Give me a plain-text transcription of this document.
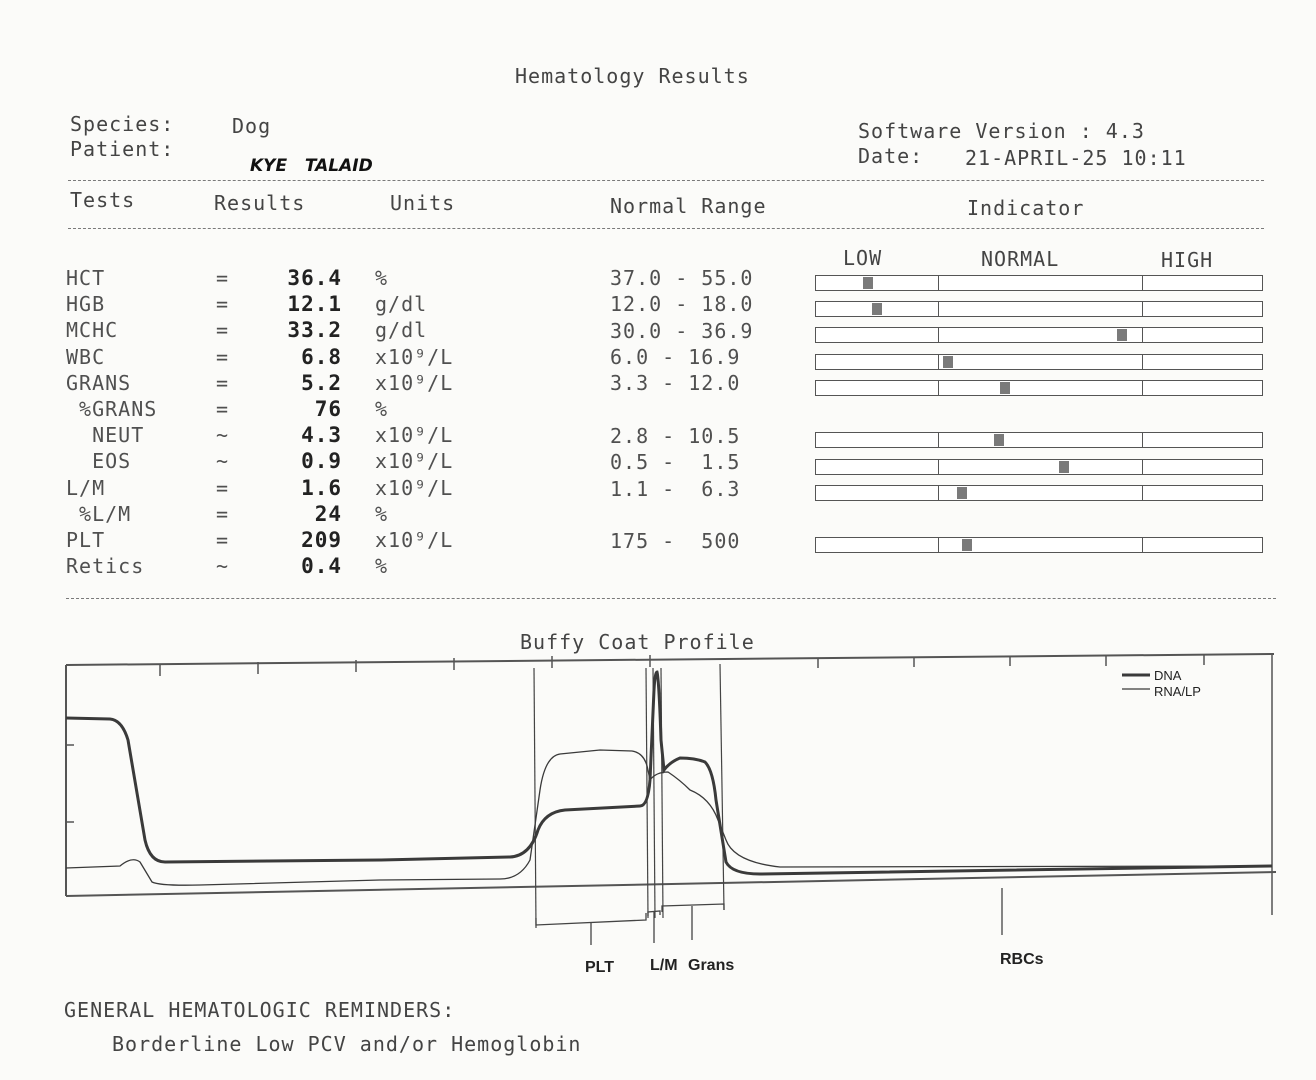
Hematology Results
Species:	Dog
Patient:
KYE   TALAID
Software Version : 4.3
Date: 21-APRIL-25 10:11
Tests	Results	Units	Normal Range	Indicator
LOW	NORMAL	HIGH
HCT	=	36.4 %	37.0 - 55.0
HGB	=	12.1 g/dl	12.0 - 18.0
MCHC	=	33.2 g/dl	30.0 - 36.9
WBC	=	6.8 x10⁹/L	6.0 - 16.9
GRANS	=	5.2 x10⁹/L	3.3 - 12.0
%GRANS	=	76 %
NEUT	~	4.3 x10⁹/L	2.8 - 10.5
EOS	~	0.9 x10⁹/L	0.5 -  1.5
L/M	=	1.6 x10⁹/L	1.1 -  6.3
%L/M	=	24 %
PLT	=	209 x10⁹/L	175 -  500
Retics	~	0.4 %
Buffy Coat Profile
DNA
RNA/LP
PLT L/M Grans	RBCs
GENERAL HEMATOLOGIC REMINDERS:
Borderline Low PCV and/or Hemoglobin
